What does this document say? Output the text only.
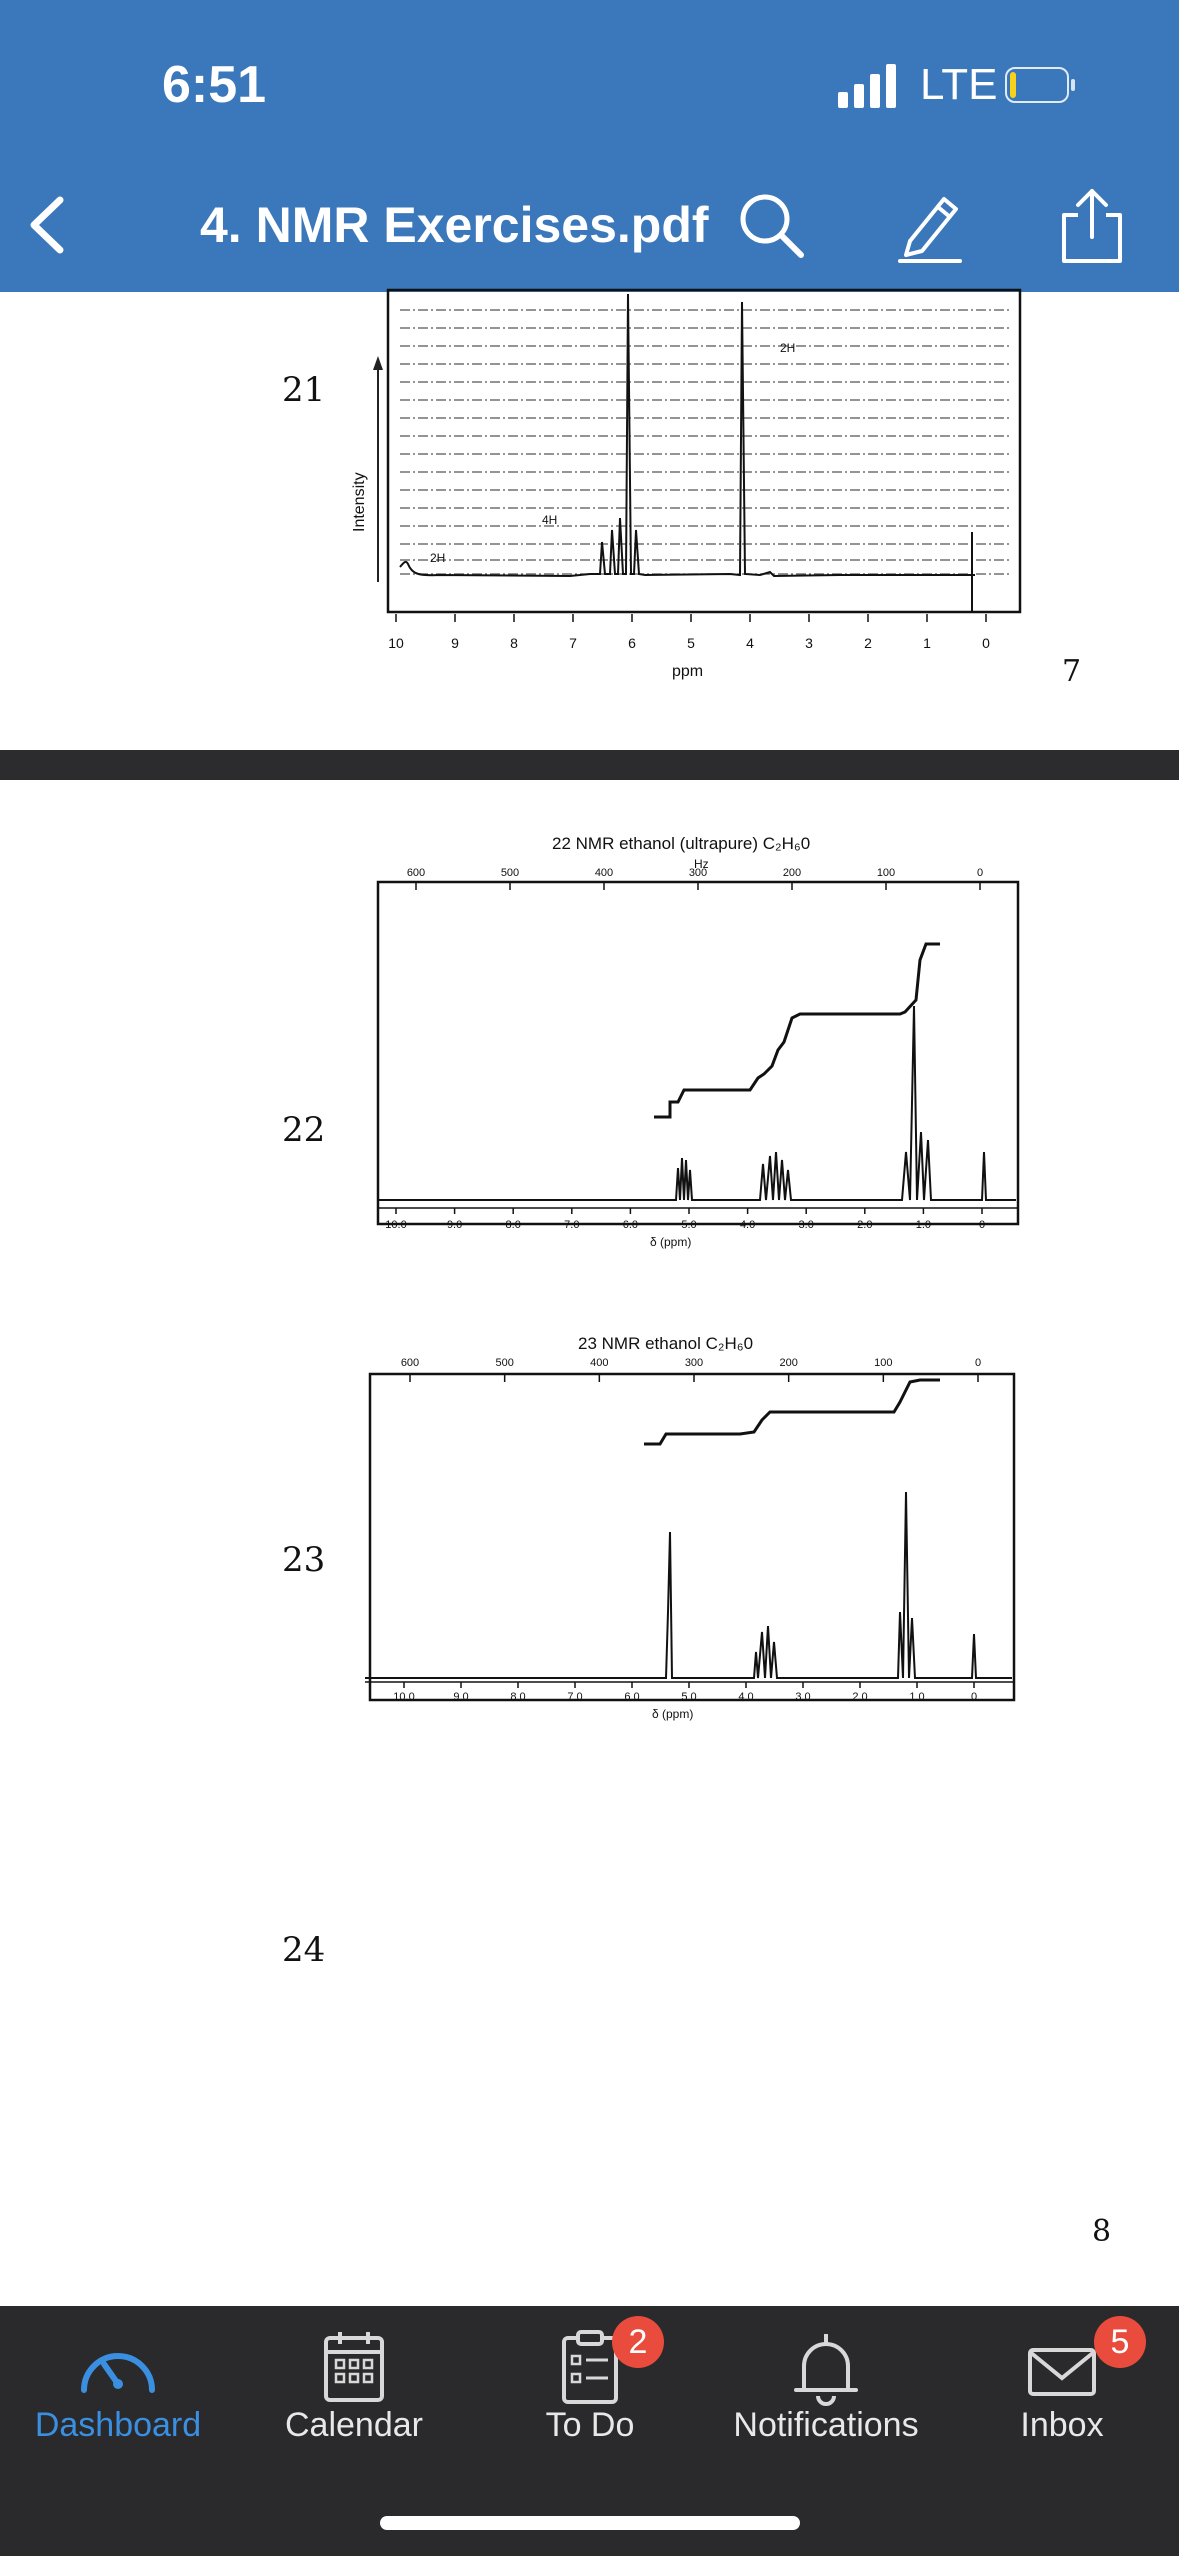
6:51	LTE
4. NMR Exercises.pdf
21
Intensity
2H
4H
2H
10	9	8	7	6	5	4	3	2	1	0
ppm	7
22
23
24
22 NMR ethanol (ultrapure) C₂H₆0
Hz
600	500	400	300	200	100	0
10.0	9.0	8.0	7.0	6.0	5.0	4.0	3.0	2.0	1.0	0
δ (ppm)
23 NMR ethanol C₂H₆0
600	500	400	300	200	100	0
10.0	9.0	8.0	7.0	6.0	5.0	4.0	3.0	2.0	1.0	0
δ (ppm)
8
Dashboard	Calendar
2
To Do	Notifications
5
Inbox
